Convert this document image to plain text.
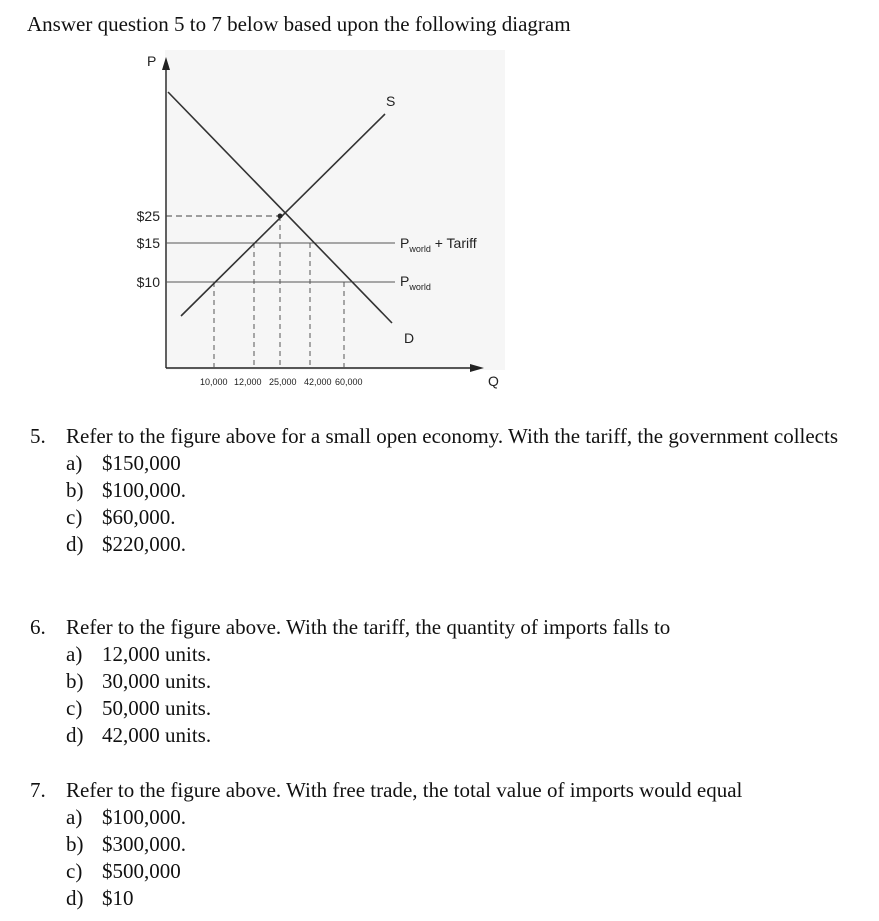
Answer question 5 to 7 below based upon the following diagram
P
Q
S
D
$25
$15
$10
$P_{world}$ + Tariff
$P_{world}$
10,000 12,000 25,000 42,000 60,000
5. Refer to the figure above for a small open economy. With the tariff, the government collects
a) $150,000
b) $100,000.
c) $60,000.
d) $220,000.
6. Refer to the figure above. With the tariff, the quantity of imports falls to
a) 12,000 units.
b) 30,000 units.
c) 50,000 units.
d) 42,000 units.
7. Refer to the figure above. With free trade, the total value of imports would equal
a) $100,000.
b) $300,000.
c) $500,000
d) $10
